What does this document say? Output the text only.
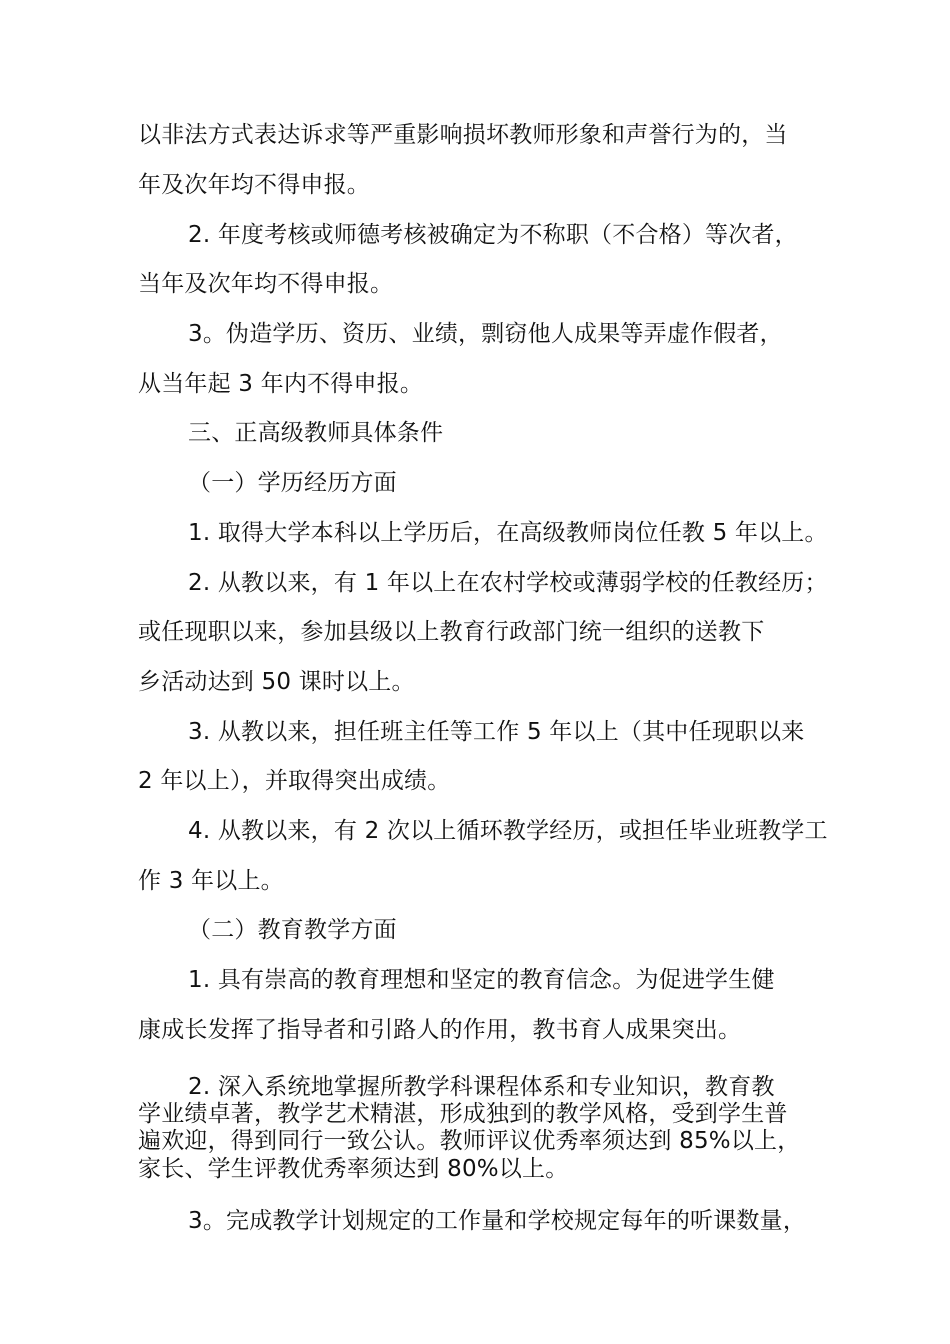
以非法方式表达诉求等严重影响损坏教师形象和声誉行为的，当
年及次年均不得申报。
2. 年度考核或师德考核被确定为不称职（不合格）等次者，
当年及次年均不得申报。
3。伪造学历、资历、业绩，剽窃他人成果等弄虚作假者，
从当年起 3 年内不得申报。
三、正高级教师具体条件
（一）学历经历方面
1. 取得大学本科以上学历后，在高级教师岗位任教 5 年以上。
2. 从教以来，有 1 年以上在农村学校或薄弱学校的任教经历；
或任现职以来，参加县级以上教育行政部门统一组织的送教下
乡活动达到 50 课时以上。
3. 从教以来，担任班主任等工作 5 年以上（其中任现职以来
2 年以上），并取得突出成绩。
4. 从教以来，有 2 次以上循环教学经历，或担任毕业班教学工
作 3 年以上。
（二）教育教学方面
1. 具有崇高的教育理想和坚定的教育信念。为促进学生健
康成长发挥了指导者和引路人的作用，教书育人成果突出。
2. 深入系统地掌握所教学科课程体系和专业知识，教育教
学业绩卓著，教学艺术精湛，形成独到的教学风格，受到学生普
遍欢迎，得到同行一致公认。教师评议优秀率须达到 85%以上，
家长、学生评教优秀率须达到 80%以上。
3。完成教学计划规定的工作量和学校规定每年的听课数量，
